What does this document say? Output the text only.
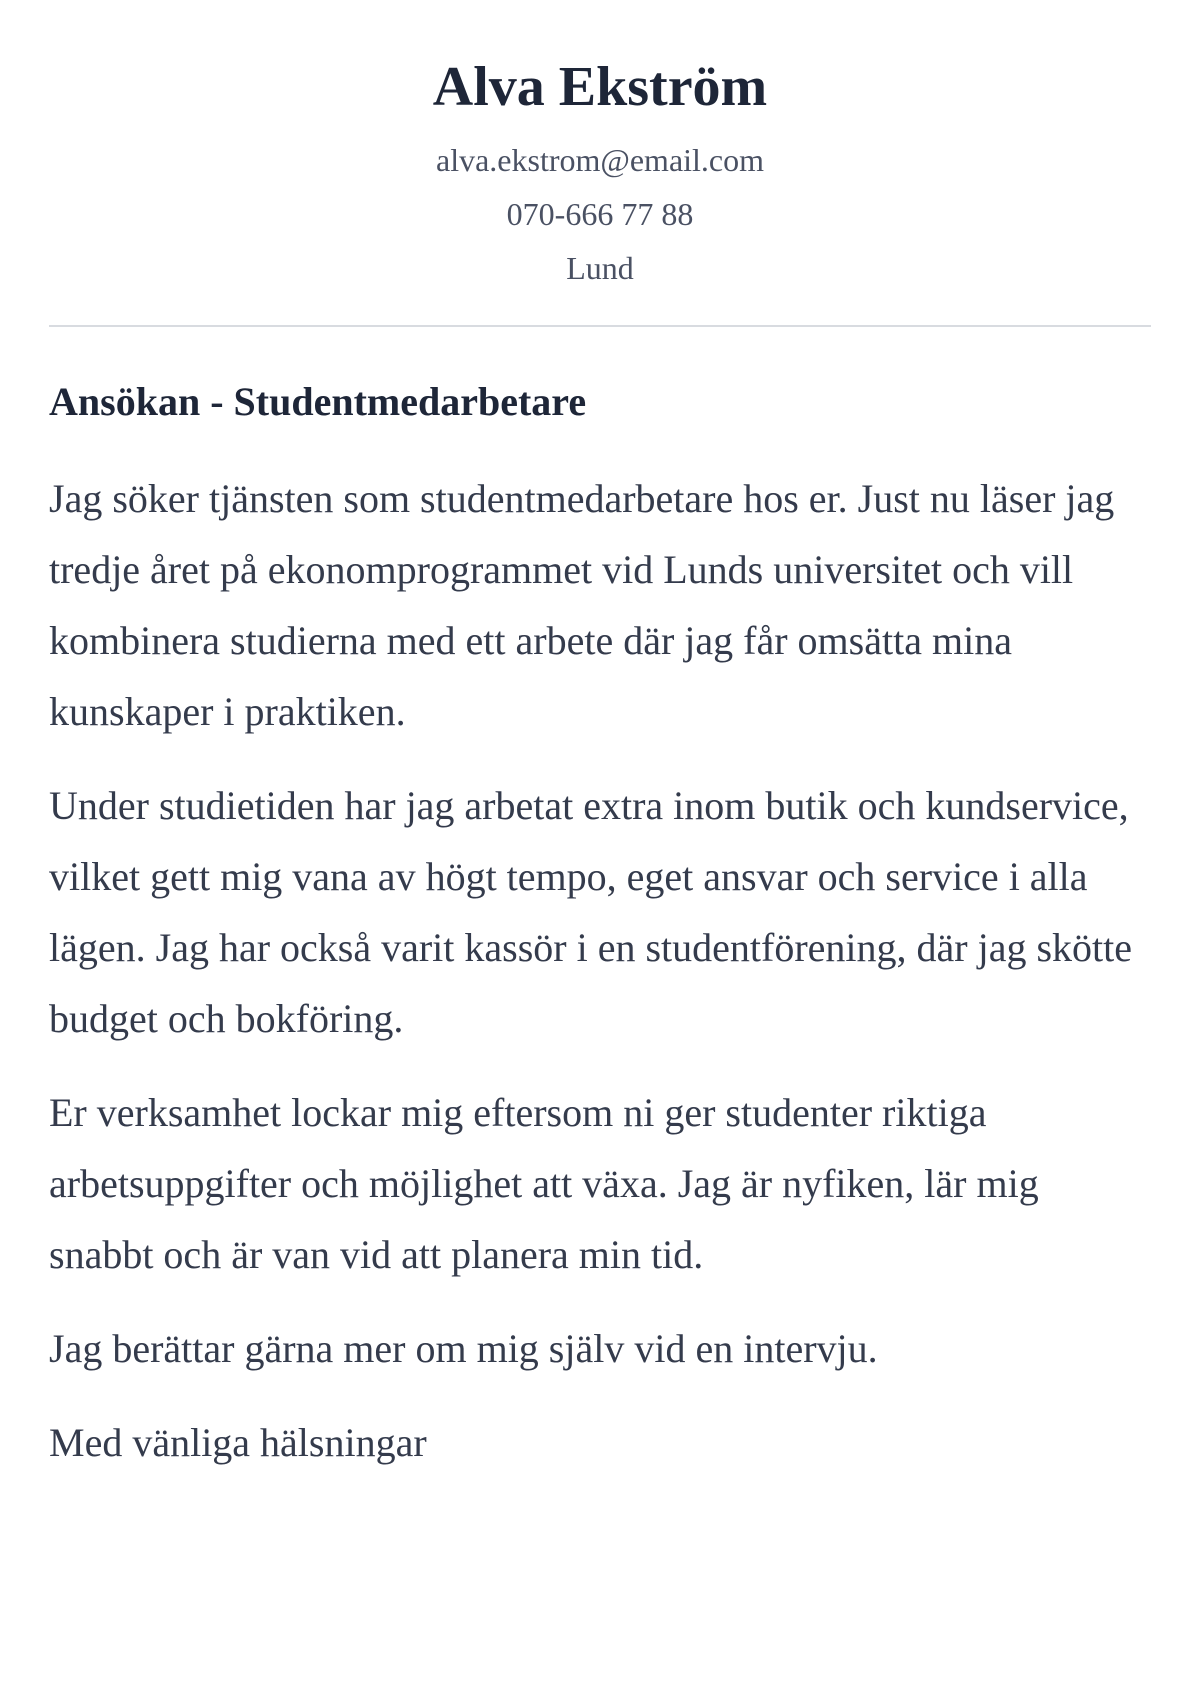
Alva Ekström
alva.ekstrom@email.com
070-666 77 88
Lund
Ansökan - Studentmedarbetare

Jag söker tjänsten som studentmedarbetare hos er. Just nu läser jag tredje året på ekonomprogrammet vid Lunds universitet och vill kombinera studierna med ett arbete där jag får omsätta mina kunskaper i praktiken.

Under studietiden har jag arbetat extra inom butik och kundservice, vilket gett mig vana av högt tempo, eget ansvar och service i alla lägen. Jag har också varit kassör i en studentförening, där jag skötte budget och bokföring.

Er verksamhet lockar mig eftersom ni ger studenter riktiga arbetsuppgifter och möjlighet att växa. Jag är nyfiken, lär mig snabbt och är van vid att planera min tid.

Jag berättar gärna mer om mig själv vid en intervju.

Med vänliga hälsningar
